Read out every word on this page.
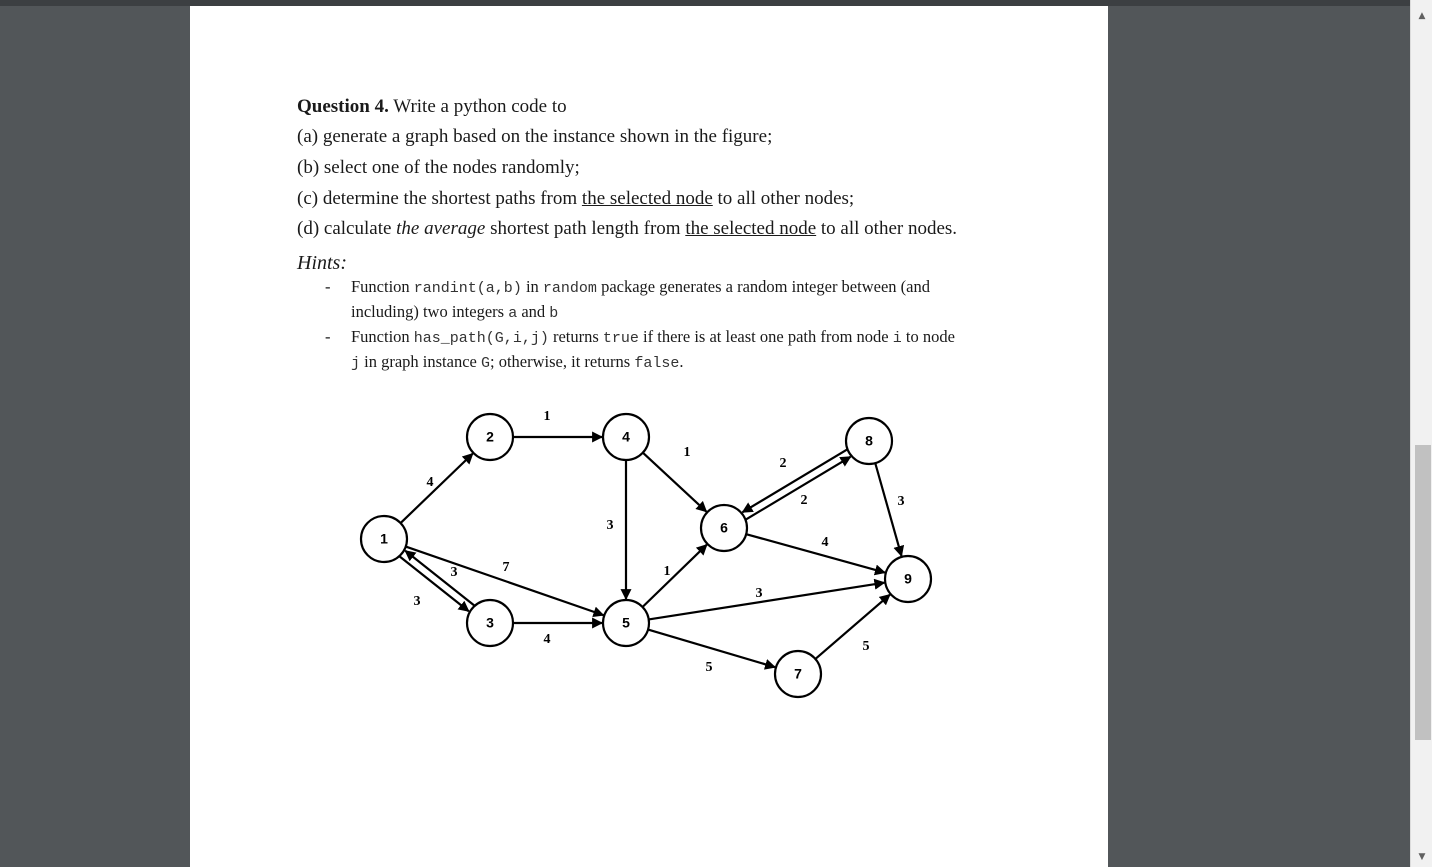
Question 4. Write a python code to
(a) generate a graph based on the instance shown in the figure;
(b) select one of the nodes randomly;
(c) determine the shortest paths from the selected node to all other nodes;
(d) calculate the average shortest path length from the selected node to all other nodes.
Hints:
- Function randint(a,b) in random package generates a random integer between (and
including) two integers a and b
- Function has_path(G,i,j) returns true if there is at least one path from node i to node
j in graph instance G; otherwise, it returns false.
4
3
3
7
1
4
3
1
1
3
5
2
2
4
3
5
1
2
3
4
5
6
7
8
9
▲
▼
